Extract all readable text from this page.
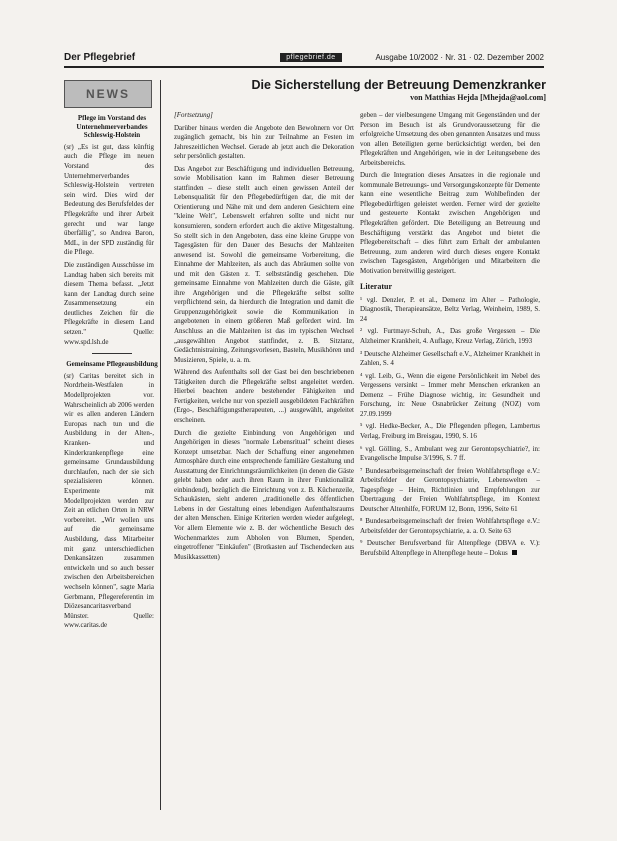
Der Pflegebrief	pflegebrief.de	Ausgabe 10/2002 · Nr. 31 · 02. Dezember 2002
NEWS
Pflege im Vorstand des Unternehmerverbandes Schleswig-Holstein

(sr) „Es ist gut, dass künftig auch die Pflege im neuen Vorstand des Unternehmerverbandes Schleswig-Holstein vertreten sein wird. Dies wird der Bedeutung des Berufsfeldes der Pflegekräfte und ihrer Arbeit gerecht und war lange überfällig", so Andrea Baron, MdL, in der SPD zuständig für die Pflege.

Die zuständigen Ausschüsse im Landtag haben sich bereits mit diesem Thema befasst. „Jetzt kann der Landtag durch seine Zusammensetzung ein deutliches Zeichen für die Pflegekräfte in diesem Land setzen." Quelle: www.spd.lsh.de

Gemeinsame Pflegeausbildung

(sr) Caritas bereitet sich in Nordrhein-Westfalen in Modellprojekten vor. Wahrscheinlich ab 2006 werden wir es allen anderen Ländern Europas nach tun und die Ausbildung in der Alten-, Kranken- und Kinderkrankenpflege eine gemeinsame Grundausbildung durchlaufen, nach der sie sich spezialisieren können. Experimente mit Modellprojekten werden zur Zeit an etlichen Orten in NRW vorbereitet. „Wir wollen uns auf die gemeinsame Ausbildung, dass Mitarbeiter mit ganz unterschiedlichen Denkansätzen zusammen entwickeln und so auch besser zwischen den Arbeitsbereichen wechseln können", sagte Maria Gerbmann, Pflegereferentin im Diözesancaritasverband Münster. Quelle: www.caritas.de

Die Sicherstellung der Betreuung Demenzkranker
von Matthias Hejda [Mhejda@aol.com]

[Fortsetzung]

Darüber hinaus werden die Angebote den Bewohnern vor Ort zugänglich gemacht, bis hin zur Teilnahme an Festen im Jahreszeitlichen Wechsel. Gerade ab jetzt auch die Dekoration sehr persönlich gestalten.

Das Angebot zur Beschäftigung und individuellen Betreuung, sowie Mobilisation kann im Rahmen dieser Betreuung stattfinden – diese stellt auch einen gewissen Anteil der Lebensqualität für den Pflegebedürftigen dar, die mit der Orientierung und Nähe mit und dem anderen Gesichtern eine "kleine Welt", Lebenswelt erfahren sollte und nicht nur konsumieren, sondern erfordert auch die aktive Mitgestaltung. So stellt sich in den Angeboten, dass eine kleine Gruppe von Tagesgästen für den Dauer des Besuchs der Mahlzeiten anwesend ist. Sowohl die gemeinsame Vorbereitung, die Einnahme der Mahlzeiten, als auch das Abräumen sollte von und mit den Gästen z. T. selbstständig geschehen. Die gemeinsame Einnahme von Mahlzeiten durch die Gäste, gilt ihre Angehörigen und die Pflegekräfte selbst sollte verpflichtend sein, da hierdurch die Integration und damit die Gruppenzugehörigkeit sowie die Kommunikation in angebotenen in einem größeren Maß gefördert wird. Im Anschluss an die Mahlzeiten ist das im typischen Wechsel „ausgewählten Angebot stattfindet, z. B. Sitztanz, Gedächtnistraining, Zeitungsvorlesen, Basteln, Musikhören und Musizieren, Spiele, u. a. m.

Während des Aufenthalts soll der Gast bei den beschriebenen Tätigkeiten durch die Pflegekräfte selbst angeleitet werden. Hierbei beachten andere bestehender Fähigkeiten und Fertigkeiten, welche nur von speziell ausgebildeten Fachkräften (Ergo-, Beschäftigungstherapeuten, ...) ausgewählt, angeleitet erscheinen.

Durch die gezielte Einbindung von Angehörigen und Angehörigen in dieses "normale Lebensritual" scheint dieses Konzept umsetzbar. Nach der Schaffung einer angenehmen Atmosphäre durch eine entsprechende familiäre Gestaltung und Ausstattung der Einrichtungsräumlichkeiten (in denen die Gäste gelebt haben oder auch ihren Raum in ihrer Funktionalität einbindend), bezüglich die Einrichtung von z. B. Küchenzeile, Schaukästen, sieht anderen „traditionelle des öffentlichen Lebens in der Gestaltung eines lebendigen Aufenthaltsraums der alten Menschen. Einige Kriterien werden wieder aufgelegt, Vor allem Elemente wie z. B. der wöchentliche Besuch des Wochenmarktes zum Abholen von Blumen, Spenden, eingetroffener "Einkäufen" (Brotkasten auf Tischendecken aus Musikkassetten)

geben – der vielbesungene Umgang mit Gegenständen und der Person im Besuch ist als Grundvoraussetzung für die erfolgreiche Umsetzung des oben genannten Ansatzes und muss von allen Beteiligten gerne berücksichtigt werden, bei den Pflegekräften und Angehörigen, wie in der Leitungsebene des Arbeitsbereichs.

Durch die Integration dieses Ansatzes in die regionale und kommunale Betreuungs- und Versorgungskonzepte für Demente kann eine wesentliche Beitrag zum Wohlbefinden der Pflegebedürftigen geleistet werden. Ferner wird der gezielte und gesteuerte Kontakt zwischen Angehörigen und Pflegekräften gefördert. Die Beteiligung an Betreuung und Beschäftigung verstärkt das Angebot und bietet die Pflegebereitschaft – dies führt zum Erhalt der ambulanten Betreuung, zum anderen wird durch dieses engere Kontakt zwischen Tagesgästen, Angehörigen und Mitarbeitern die Motivation bereitwillig gesteigert.

Literatur

¹ vgl. Denzler, P. et al., Demenz im Alter – Pathologie, Diagnostik, Therapieansätze, Beltz Verlag, Weinheim, 1989, S. 24

² vgl. Furtmayr-Schuh, A., Das große Vergessen – Die Alzheimer Krankheit, 4. Auflage, Kreuz Verlag, Zürich, 1993

³ Deutsche Alzheimer Gesellschaft e.V., Alzheimer Krankheit in Zahlen, S. 4

⁴ vgl. Leib, G., Wenn die eigene Persönlichkeit im Nebel des Vergessens versinkt – Immer mehr Menschen erkranken an Demenz – Frühe Diagnose wichtig, in: Gesundheit und Forschung, in: Neue Osnabrücker Zeitung (NOZ) vom 27.09.1999

⁵ vgl. Hedke-Becker, A., Die Pflegenden pflegen, Lambertus Verlag, Freiburg im Breisgau, 1990, S. 16

⁶ vgl. Gölling, S., Ambulant weg zur Gerontopsychiatrie?, in: Evangelische Impulse 3/1996, S. 7 ff.

⁷ Bundesarbeitsgemeinschaft der freien Wohlfahrtspflege e.V.: Arbeitsfelder der Gerontopsychiatrie, Lebenswelten – Tagespflege – Heim, Richtlinien und Empfehlungen zur Übertragung der Freien Wohlfahrtspflege, im Kontext Deutscher Altenhilfe, FORUM 12, Bonn, 1996, Seite 61

⁸ Bundesarbeitsgemeinschaft der freien Wohlfahrtspflege e.V.: Arbeitsfelder der Gerontopsychiatrie, a. a. O. Seite 63

⁹ Deutscher Berufsverband für Altenpflege (DBVA e. V.): Berufsbild Altenpflege in Altenpflege heute – Dokus
